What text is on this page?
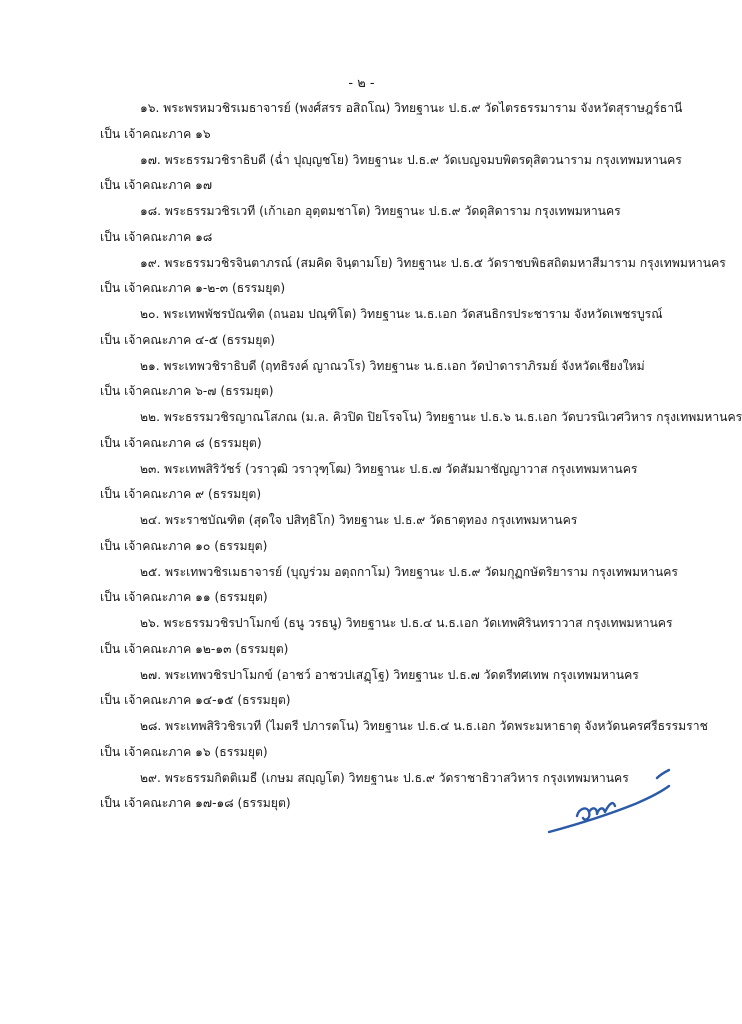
- ๒ -
๑๖. พระพรหมวชิรเมธาจารย์ (พงศ์สรร อสิถโณ) วิทยฐานะ ป.ธ.๙ วัดไตรธรรมาราม จังหวัดสุราษฎร์ธานี
เป็น เจ้าคณะภาค ๑๖
๑๗. พระธรรมวชิราธิบดี (ฉ่ำ ปุญฺญชโย) วิทยฐานะ ป.ธ.๙ วัดเบญจมบพิตรดุสิตวนาราม กรุงเทพมหานคร
เป็น เจ้าคณะภาค ๑๗
๑๘. พระธรรมวชิรเวที (เก้าเอก อุตฺตมชาโต) วิทยฐานะ ป.ธ.๙ วัดดุสิดาราม กรุงเทพมหานคร
เป็น เจ้าคณะภาค ๑๘
๑๙. พระธรรมวชิรจินตาภรณ์ (สมคิด จินฺตามโย) วิทยฐานะ ป.ธ.๕ วัดราชบพิธสถิตมหาสีมาราม กรุงเทพมหานคร
เป็น เจ้าคณะภาค ๑-๒-๓ (ธรรมยุต)
๒๐. พระเทพพัชรบัณฑิต (ถนอม ปณฺฑิโต) วิทยฐานะ น.ธ.เอก วัดสนธิกรประชาราม จังหวัดเพชรบูรณ์
เป็น เจ้าคณะภาค ๔-๕ (ธรรมยุต)
๒๑. พระเทพวชิราธิบดี (ฤทธิรงค์ ญาณวโร) วิทยฐานะ น.ธ.เอก วัดป่าดาราภิรมย์ จังหวัดเชียงใหม่
เป็น เจ้าคณะภาค ๖-๗ (ธรรมยุต)
๒๒. พระธรรมวชิรญาณโสภณ (ม.ล. คิวปิด ปิยโรจโน) วิทยฐานะ ป.ธ.๖ น.ธ.เอก วัดบวรนิเวศวิหาร กรุงเทพมหานคร
เป็น เจ้าคณะภาค ๘ (ธรรมยุต)
๒๓. พระเทพสิริวัชร์ (วราวุฒิ วราวุฑฺโฒ) วิทยฐานะ ป.ธ.๗ วัดสัมมาชัญญาวาส กรุงเทพมหานคร
เป็น เจ้าคณะภาค ๙ (ธรรมยุต)
๒๔. พระราชบัณฑิต (สุดใจ ปสิทฺธิโก) วิทยฐานะ ป.ธ.๙ วัดธาตุทอง กรุงเทพมหานคร
เป็น เจ้าคณะภาค ๑๐ (ธรรมยุต)
๒๕. พระเทพวชิรเมธาจารย์ (บุญร่วม อตฺถกาโม) วิทยฐานะ ป.ธ.๙ วัดมกุฏกษัตริยาราม กรุงเทพมหานคร
เป็น เจ้าคณะภาค ๑๑ (ธรรมยุต)
๒๖. พระธรรมวชิรปาโมกข์ (ธนู วรธนู) วิทยฐานะ ป.ธ.๔ น.ธ.เอก วัดเทพศิรินทราวาส กรุงเทพมหานคร
เป็น เจ้าคณะภาค ๑๒-๑๓ (ธรรมยุต)
๒๗. พระเทพวชิรปาโมกข์ (อาชว์ อาชวปเสฏฺโฐ) วิทยฐานะ ป.ธ.๗ วัดตรีทศเทพ กรุงเทพมหานคร
เป็น เจ้าคณะภาค ๑๔-๑๕ (ธรรมยุต)
๒๘. พระเทพสิริวชิรเวที (ไมตรี ปภารตโน) วิทยฐานะ ป.ธ.๔ น.ธ.เอก วัดพระมหาธาตุ จังหวัดนครศรีธรรมราช
เป็น เจ้าคณะภาค ๑๖ (ธรรมยุต)
๒๙. พระธรรมกิตติเมธี (เกษม สญฺญโต) วิทยฐานะ ป.ธ.๙ วัดราชาธิวาสวิหาร กรุงเทพมหานคร
เป็น เจ้าคณะภาค ๑๗-๑๘ (ธรรมยุต)
